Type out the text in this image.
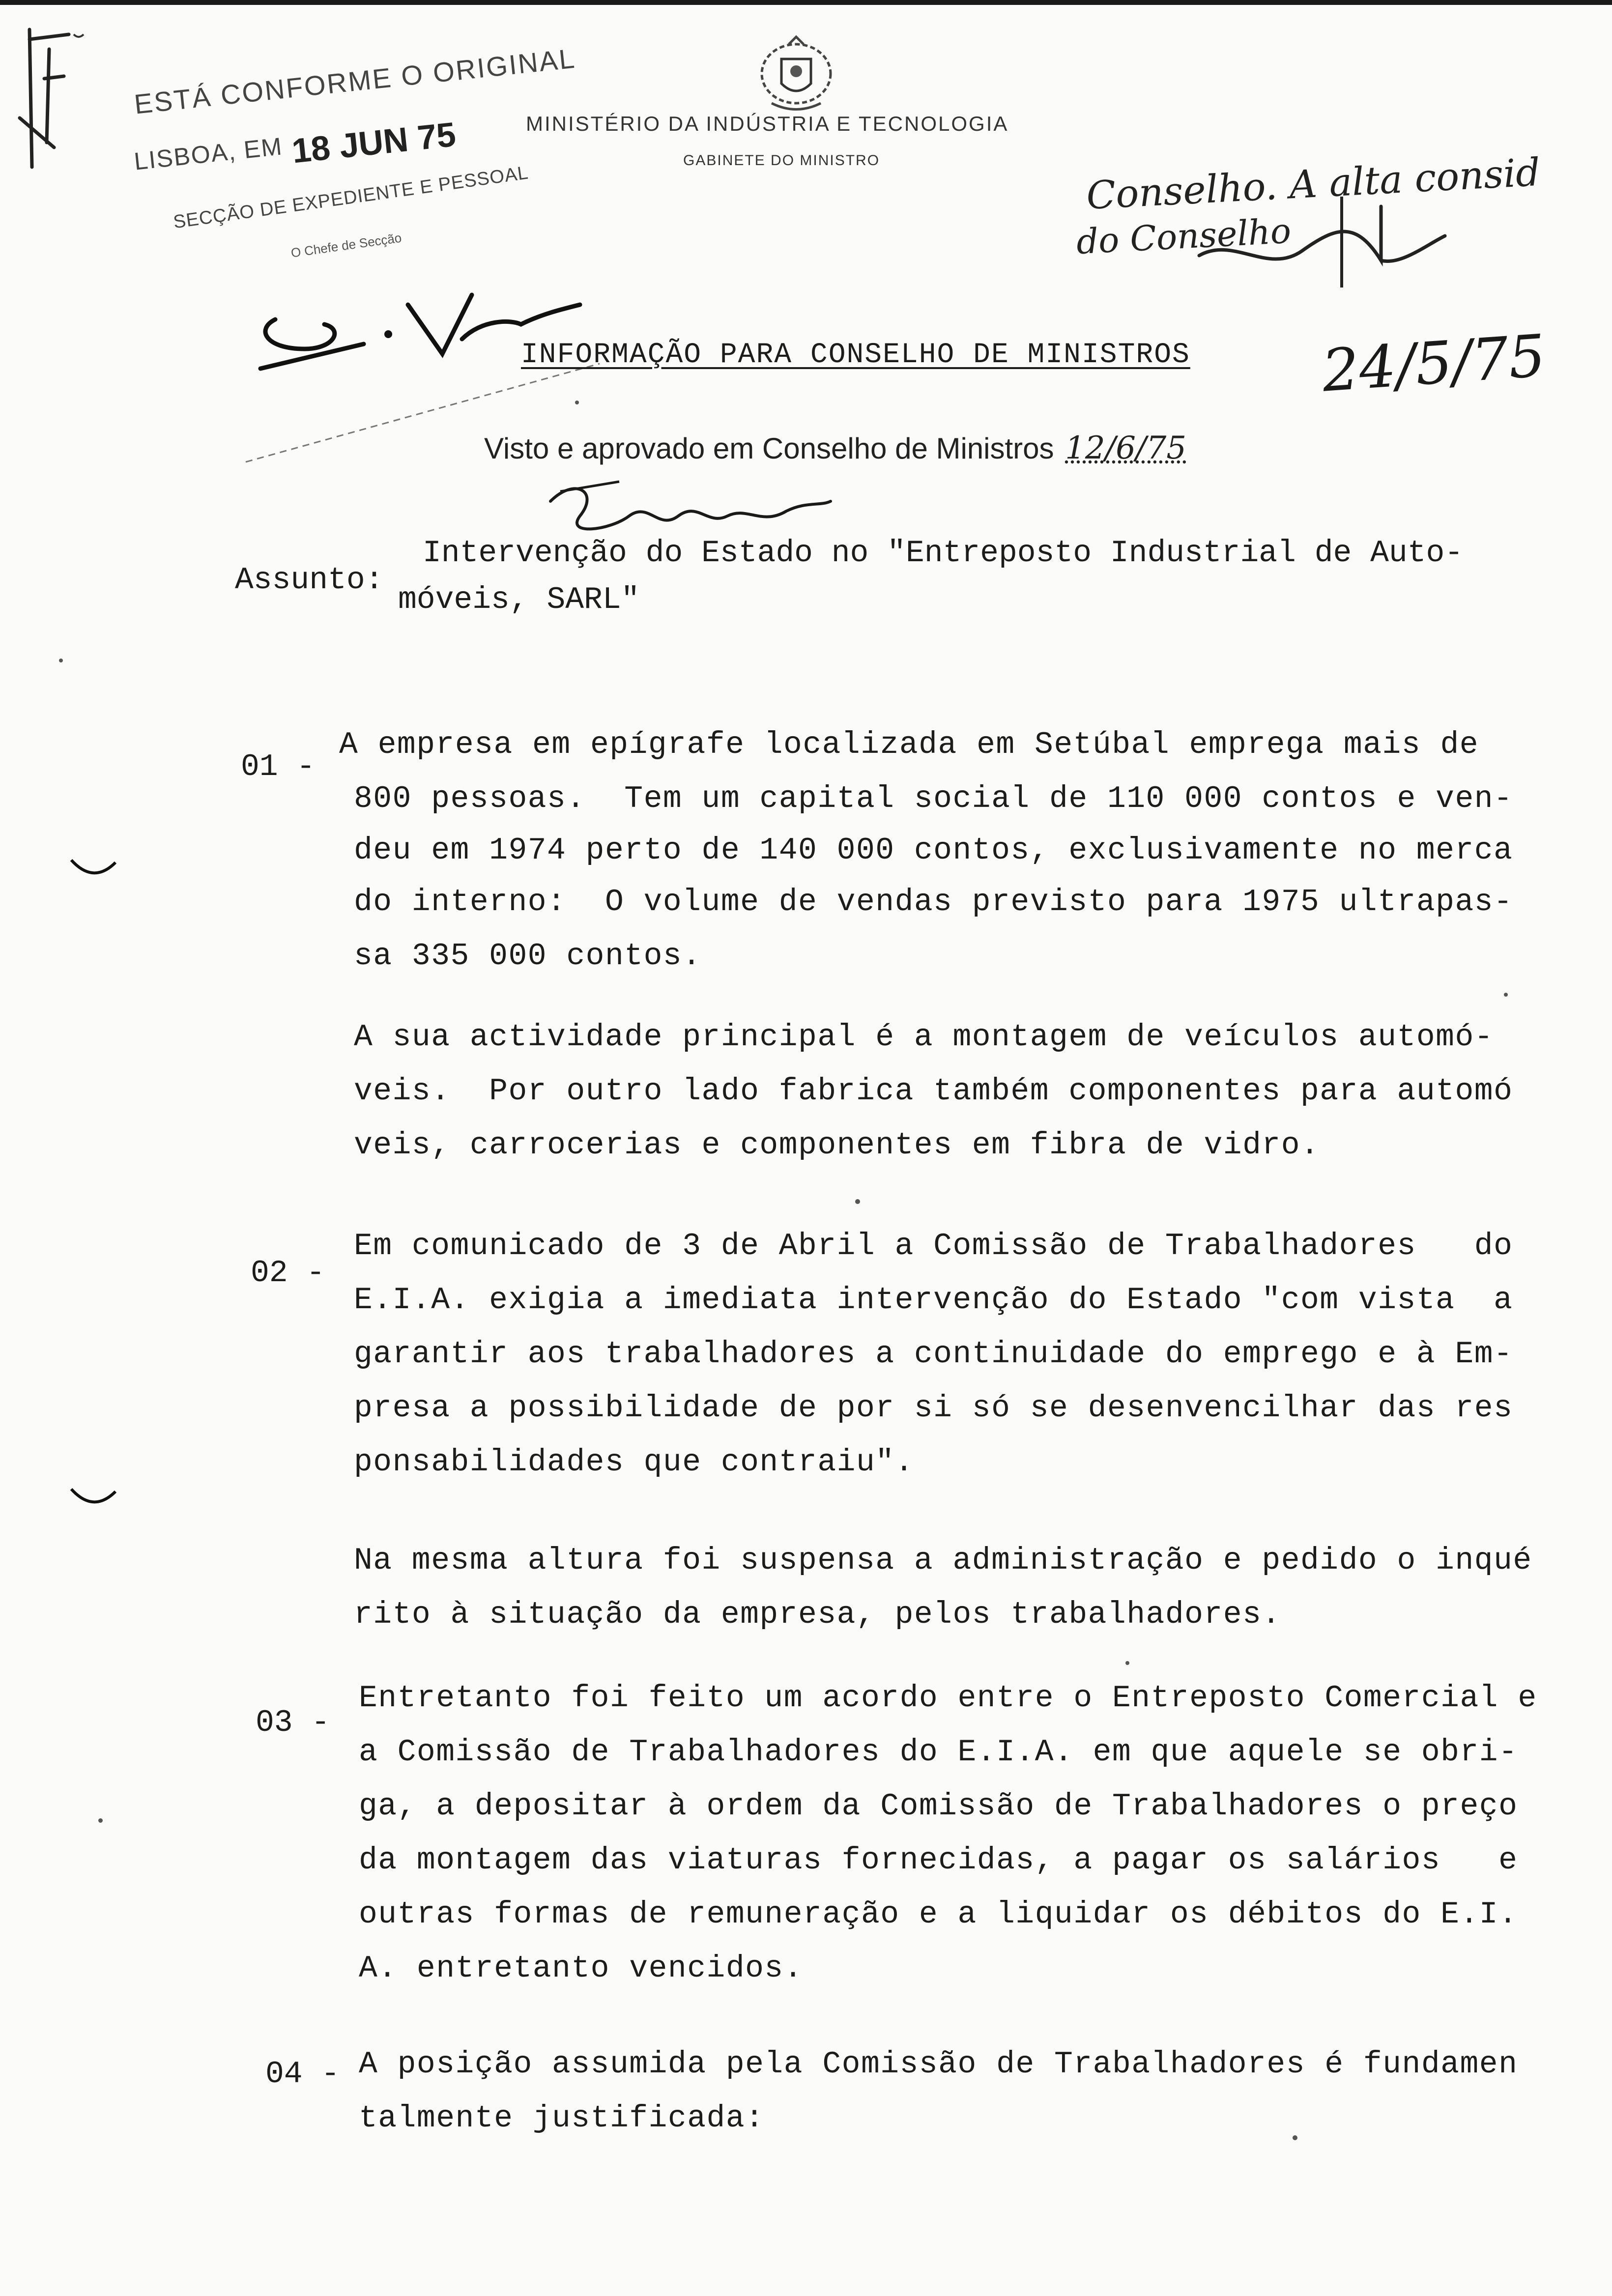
ESTÁ CONFORME O ORIGINAL
LISBOA, EM 18 JUN 75
SECÇÃO DE EXPEDIENTE E PESSOAL
O Chefe de Secção
MINISTÉRIO DA INDÚSTRIA E TECNOLOGIA
GABINETE DO MINISTRO	Conselho. A alta consid
do Conselho
INFORMAÇÃO PARA CONSELHO DE MINISTROS 24/5/75
Visto e aprovado em Conselho de Ministros 12/6/75
Assunto:
Intervenção do Estado no "Entreposto Industrial de Auto-
móveis, SARL"
01 -
A empresa em epígrafe localizada em Setúbal emprega mais de
800 pessoas.  Tem um capital social de 110 000 contos e ven-
deu em 1974 perto de 140 000 contos, exclusivamente no merca
do interno:  O volume de vendas previsto para 1975 ultrapas-
sa 335 000 contos.
A sua actividade principal é a montagem de veículos automó-
veis.  Por outro lado fabrica também componentes para automó
veis, carrocerias e componentes em fibra de vidro.
02 -
Em comunicado de 3 de Abril a Comissão de Trabalhadores   do
E.I.A. exigia a imediata intervenção do Estado "com vista  a
garantir aos trabalhadores a continuidade do emprego e à Em-
presa a possibilidade de por si só se desenvencilhar das res
ponsabilidades que contraiu".
Na mesma altura foi suspensa a administração e pedido o inqué
rito à situação da empresa, pelos trabalhadores.
03 -
Entretanto foi feito um acordo entre o Entreposto Comercial e
a Comissão de Trabalhadores do E.I.A. em que aquele se obri-
ga, a depositar à ordem da Comissão de Trabalhadores o preço
da montagem das viaturas fornecidas, a pagar os salários   e
outras formas de remuneração e a liquidar os débitos do E.I.
A. entretanto vencidos.
04 - A posição assumida pela Comissão de Trabalhadores é fundamen
talmente justificada:
